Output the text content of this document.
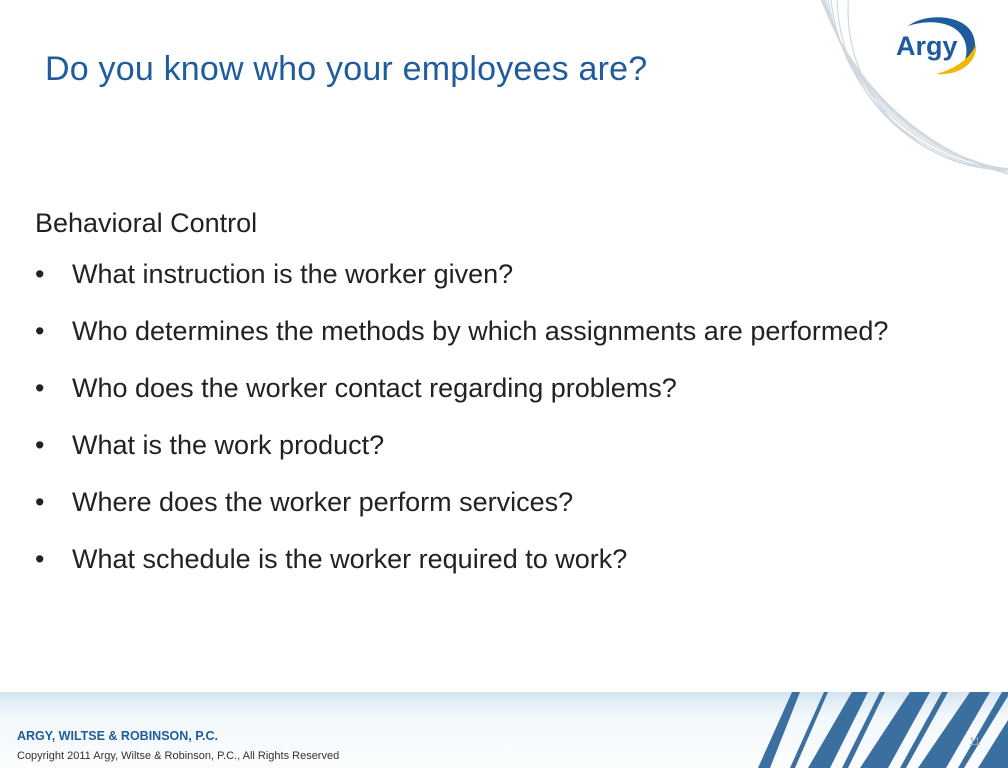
Argy
Do you know who your employees are?
Behavioral Control
• What instruction is the worker given?
• Who determines the methods by which assignments are performed?
• Who does the worker contact regarding problems?
• What is the work product?
• Where does the worker perform services?
• What schedule is the worker required to work?
ARGY, WILTSE & ROBINSON, P.C.
Copyright 2011 Argy, Wiltse & Robinson, P.C., All Rights Reserved
11
